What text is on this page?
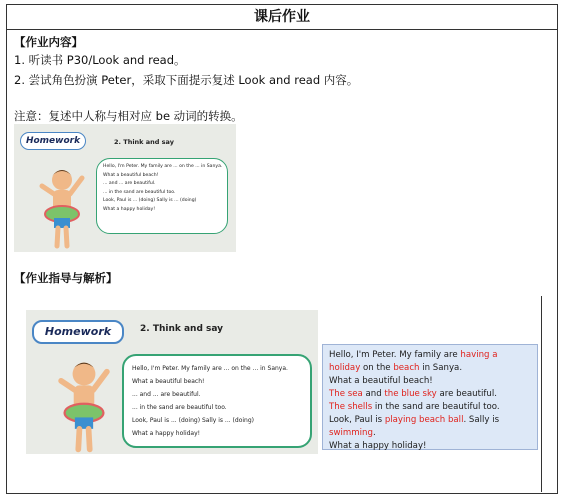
课后作业
【作业内容】
1. 听读书 P30/Look and read。
2. 尝试角色扮演 Peter，采取下面提示复述 Look and read 内容。
注意：复述中人称与相对应 be 动词的转换。
Homework	2. Think and say
Hello, I'm Peter. My family are ... on the ... in Sanya.
What a beautiful beach!
... and ... are beautiful.
... in the sand are beautiful too.
Look, Paul is ... (doing) Sally is ... (doing)
What a happy holiday!
【作业指导与解析】
Homework	2. Think and say
Hello, I'm Peter. My family are ... on the ... in Sanya.
What a beautiful beach!
... and ... are beautiful.
... in the sand are beautiful too.
Look, Paul is ... (doing) Sally is ... (doing)
What a happy holiday!
Hello, I'm Peter. My family are having a
holiday on the beach in Sanya.
What a beautiful beach!
The sea and the blue sky are beautiful.
The shells in the sand are beautiful too.
Look, Paul is playing beach ball. Sally is
swimming.
What a happy holiday!
